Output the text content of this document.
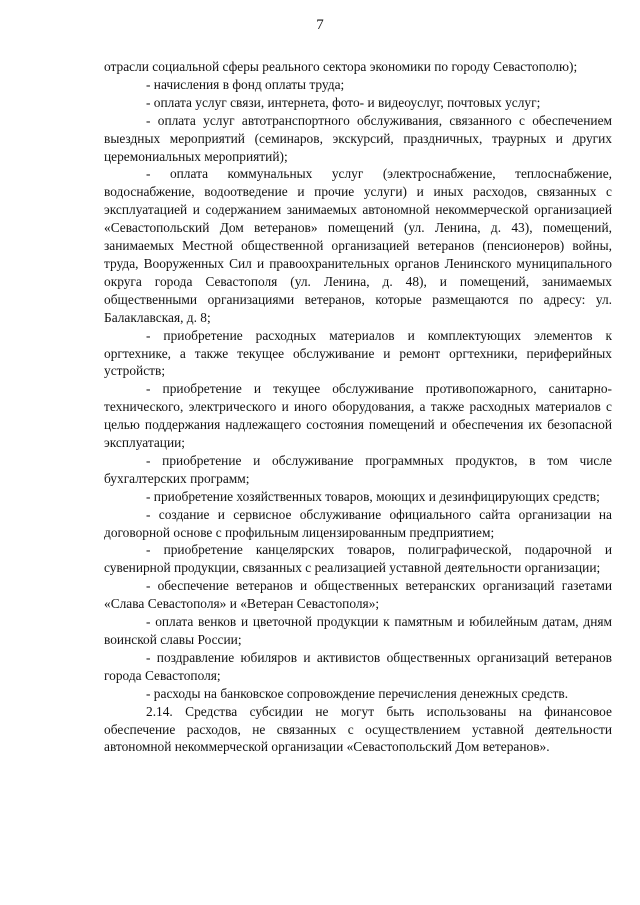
7

отрасли социальной сферы реального сектора экономики по городу Севастополю);

- начисления в фонд оплаты труда;

- оплата услуг связи, интернета, фото- и видеоуслуг, почтовых услуг;

- оплата услуг автотранспортного обслуживания, связанного с обеспечением выездных мероприятий (семинаров, экскурсий, праздничных, траурных и других церемониальных мероприятий);

- оплата коммунальных услуг (электроснабжение, теплоснабжение, водоснабжение, водоотведение и прочие услуги) и иных расходов, связанных с эксплуатацией и содержанием занимаемых автономной некоммерческой организацией «Севастопольский Дом ветеранов» помещений (ул. Ленина, д. 43), помещений, занимаемых Местной общественной организацией ветеранов (пенсионеров) войны, труда, Вооруженных Сил и правоохранительных органов Ленинского муниципального округа города Севастополя (ул. Ленина, д. 48), и помещений, занимаемых общественными организациями ветеранов, которые размещаются по адресу: ул. Балаклавская, д. 8;

- приобретение расходных материалов и комплектующих элементов к оргтехнике, а также текущее обслуживание и ремонт оргтехники, периферийных устройств;

- приобретение и текущее обслуживание противопожарного, санитарно-технического, электрического и иного оборудования, а также расходных материалов с целью поддержания надлежащего состояния помещений и обеспечения их безопасной эксплуатации;

- приобретение и обслуживание программных продуктов, в том числе бухгалтерских программ;

- приобретение хозяйственных товаров, моющих и дезинфицирующих средств;

- создание и сервисное обслуживание официального сайта организации на договорной основе с профильным лицензированным предприятием;

- приобретение канцелярских товаров, полиграфической, подарочной и сувенирной продукции, связанных с реализацией уставной деятельности организации;

- обеспечение ветеранов и общественных ветеранских организаций газетами «Слава Севастополя» и «Ветеран Севастополя»;

- оплата венков и цветочной продукции к памятным и юбилейным датам, дням воинской славы России;

- поздравление юбиляров и активистов общественных организаций ветеранов города Севастополя;

- расходы на банковское сопровождение перечисления денежных средств.

2.14. Средства субсидии не могут быть использованы на финансовое обеспечение расходов, не связанных с осуществлением уставной деятельности автономной некоммерческой организации «Севастопольский Дом ветеранов».
